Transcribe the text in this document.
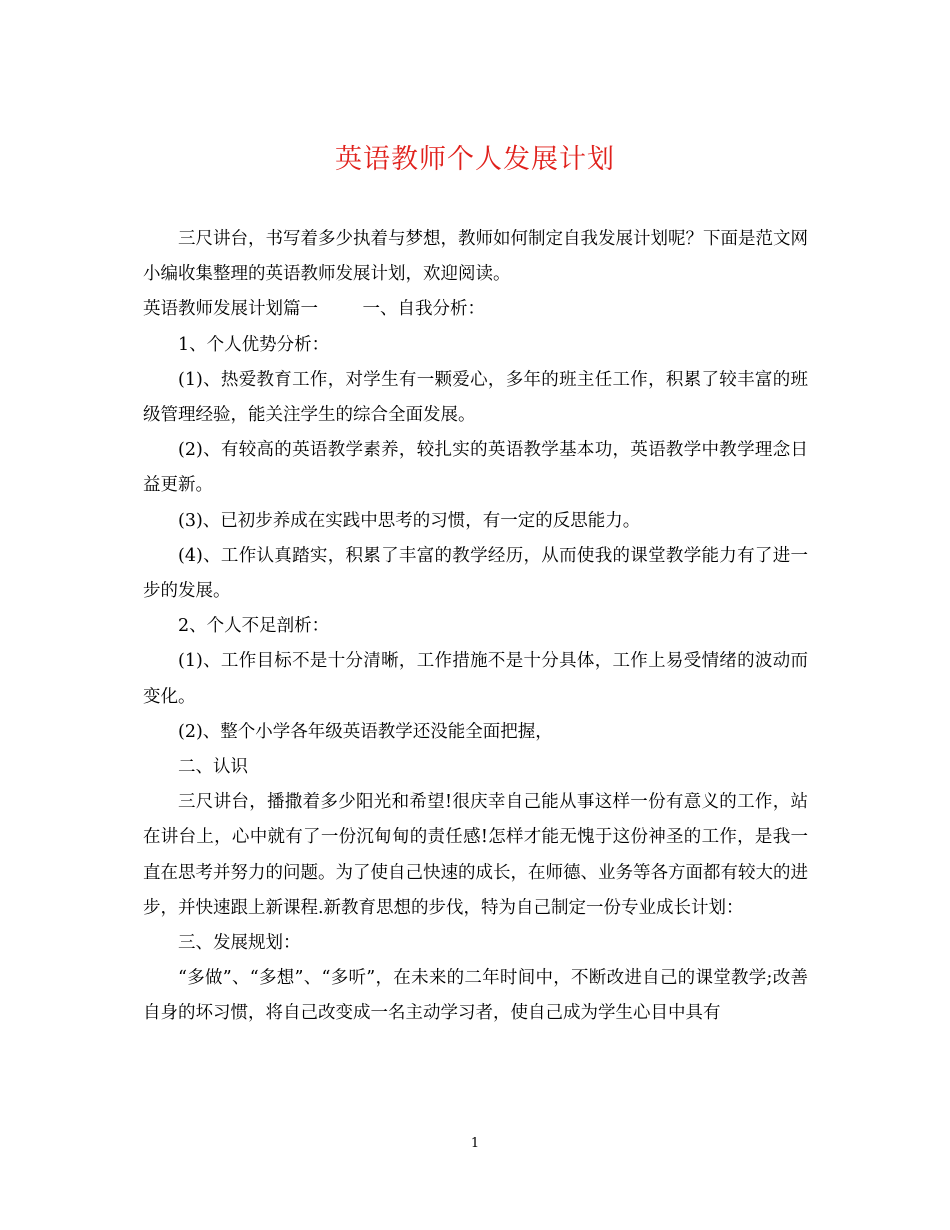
英语教师个人发展计划

三尺讲台，书写着多少执着与梦想，教师如何制定自我发展计划呢？下面是范文网小编收集整理的英语教师发展计划，欢迎阅读。

英语教师发展计划篇一        一、自我分析：

1、个人优势分析：

(1)、热爱教育工作，对学生有一颗爱心，多年的班主任工作，积累了较丰富的班级管理经验，能关注学生的综合全面发展。

(2)、有较高的英语教学素养，较扎实的英语教学基本功，英语教学中教学理念日益更新。

(3)、已初步养成在实践中思考的习惯，有一定的反思能力。

(4)、工作认真踏实，积累了丰富的教学经历，从而使我的课堂教学能力有了进一步的发展。

2、个人不足剖析：

(1)、工作目标不是十分清晰，工作措施不是十分具体，工作上易受情绪的波动而变化。

(2)、整个小学各年级英语教学还没能全面把握，

二、认识

三尺讲台，播撒着多少阳光和希望!很庆幸自己能从事这样一份有意义的工作，站在讲台上，心中就有了一份沉甸甸的责任感!怎样才能无愧于这份神圣的工作，是我一直在思考并努力的问题。为了使自己快速的成长，在师德、业务等各方面都有较大的进步，并快速跟上新课程.新教育思想的步伐，特为自己制定一份专业成长计划：

三、发展规划：

“多做”、“多想”、“多听”，在未来的二年时间中，不断改进自己的课堂教学;改善自身的坏习惯，将自己改变成一名主动学习者，使自己成为学生心目中具有

1
